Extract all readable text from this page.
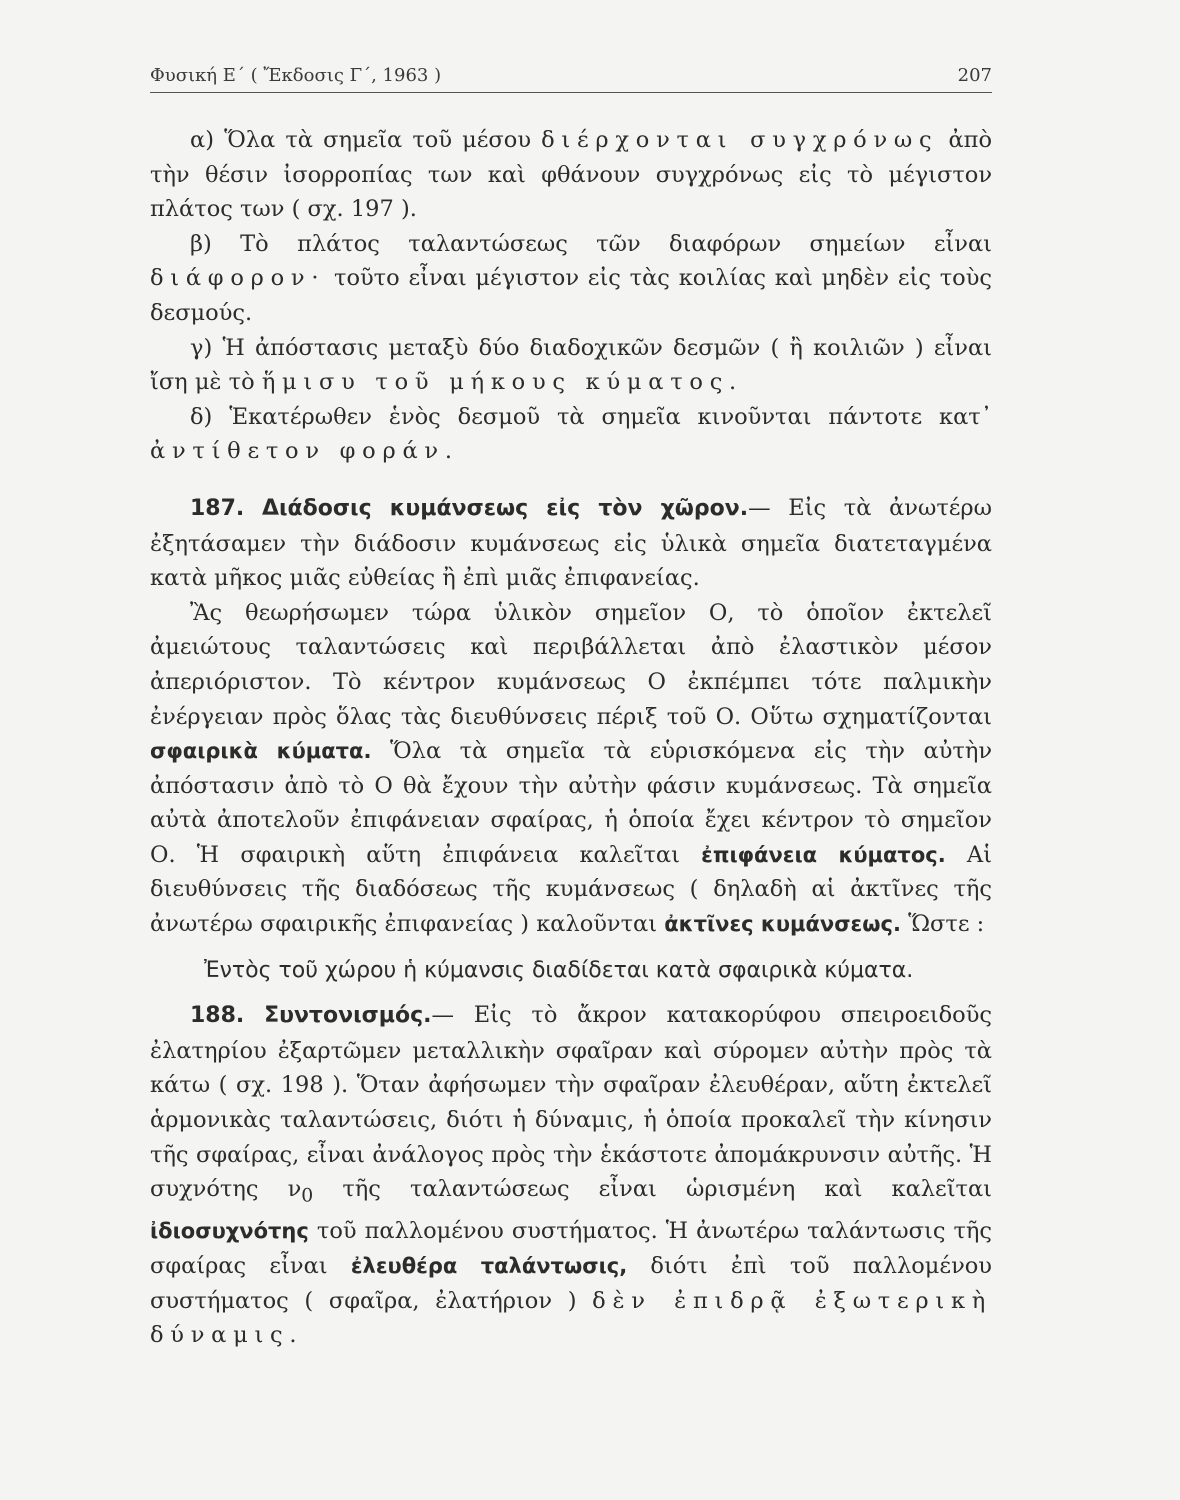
Φυσική Ε΄ ( Ἔκδοσις Γ΄, 1963 )	207

α) Ὅλα τὰ σημεῖα τοῦ μέσου διέρχονται συγχρόνως ἀπὸ τὴν θέσιν ἰσορροπίας των καὶ φθάνουν συγχρόνως εἰς τὸ μέγιστον πλάτος των ( σχ. 197 ).

β) Τὸ πλάτος ταλαντώσεως τῶν διαφόρων σημείων εἶναι διάφορον· τοῦτο εἶναι μέγιστον εἰς τὰς κοιλίας καὶ μηδὲν εἰς τοὺς δεσμούς.

γ) Ἡ ἀπόστασις μεταξὺ δύο διαδοχικῶν δεσμῶν ( ἢ κοιλιῶν ) εἶναι ἴση μὲ τὸ ἥμισυ τοῦ μήκους κύματος.

δ) Ἑκατέρωθεν ἑνὸς δεσμοῦ τὰ σημεῖα κινοῦνται πάντοτε κατ᾽ ἀντίθετον φοράν.

187. Διάδοσις κυμάνσεως εἰς τὸν χῶρον.— Εἰς τὰ ἀνωτέρω ἐξητάσαμεν τὴν διάδοσιν κυμάνσεως εἰς ὑλικὰ σημεῖα διατεταγμένα κατὰ μῆκος μιᾶς εὐθείας ἢ ἐπὶ μιᾶς ἐπιφανείας.

Ἂς θεωρήσωμεν τώρα ὑλικὸν σημεῖον Ο, τὸ ὁποῖον ἐκτελεῖ ἀμειώτους ταλαντώσεις καὶ περιβάλλεται ἀπὸ ἐλαστικὸν μέσον ἀπεριόριστον. Τὸ κέντρον κυμάνσεως Ο ἐκπέμπει τότε παλμικὴν ἐνέργειαν πρὸς ὅλας τὰς διευθύνσεις πέριξ τοῦ Ο. Οὕτω σχηματίζονται σφαιρικὰ κύματα. Ὅλα τὰ σημεῖα τὰ εὑρισκόμενα εἰς τὴν αὐτὴν ἀπόστασιν ἀπὸ τὸ Ο θὰ ἔχουν τὴν αὐτὴν φάσιν κυμάνσεως. Τὰ σημεῖα αὐτὰ ἀποτελοῦν ἐπιφάνειαν σφαίρας, ἡ ὁποία ἔχει κέντρον τὸ σημεῖον Ο. Ἡ σφαιρικὴ αὕτη ἐπιφάνεια καλεῖται ἐπιφάνεια κύματος. Αἱ διευθύνσεις τῆς διαδόσεως τῆς κυμάνσεως ( δηλαδὴ αἱ ἀκτῖνες τῆς ἀνωτέρω σφαιρικῆς ἐπιφανείας ) καλοῦνται ἀκτῖνες κυμάνσεως. Ὥστε :

Ἐντὸς τοῦ χώρου ἡ κύμανσις διαδίδεται κατὰ σφαιρικὰ κύματα.

188. Συντονισμός.— Εἰς τὸ ἄκρον κατακορύφου σπειροειδοῦς ἐλατηρίου ἐξαρτῶμεν μεταλλικὴν σφαῖραν καὶ σύρομεν αὐτὴν πρὸς τὰ κάτω ( σχ. 198 ). Ὅταν ἀφήσωμεν τὴν σφαῖραν ἐλευθέραν, αὕτη ἐκτελεῖ ἁρμονικὰς ταλαντώσεις, διότι ἡ δύναμις, ἡ ὁποία προκαλεῖ τὴν κίνησιν τῆς σφαίρας, εἶναι ἀνάλογος πρὸς τὴν ἑκάστοτε ἀπομάκρυνσιν αὐτῆς. Ἡ συχνότης $\nu_0$ τῆς ταλαντώσεως εἶναι ὡρισμένη καὶ καλεῖται ἰδιοσυχνότης τοῦ παλλομένου συστήματος. Ἡ ἀνωτέρω ταλάντωσις τῆς σφαίρας εἶναι ἐλευθέρα ταλάντωσις, διότι ἐπὶ τοῦ παλλομένου συστήματος ( σφαῖρα, ἐλατήριον ) δὲν ἐπιδρᾷ ἐξωτερικὴ δύναμις.
